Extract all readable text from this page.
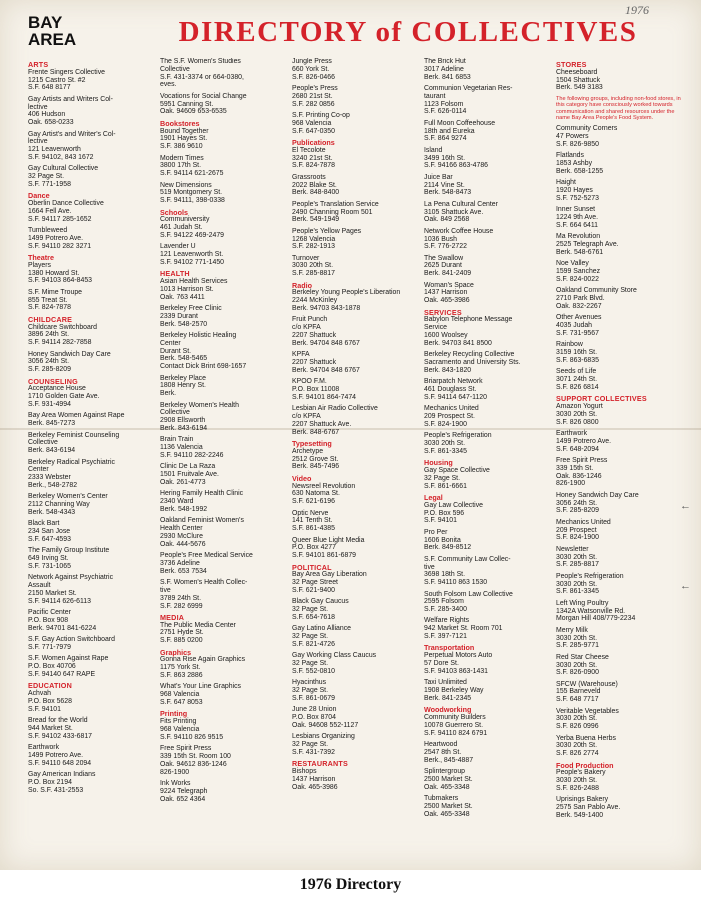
BAY
AREA	DIRECTORY of COLLECTIVES
1976
ARTS
Frente Singers Collective
1215 Castro St. #2
S.F. 648 8177
Gay Artists and Writers Col-
lective
406 Hudson
Oak. 658-0233
Gay Artist's and Writer's Col-
lective
121 Leavenworth
S.F. 94102, 843 1672
Gay Cultural Collective
32 Page St.
S.F. 771-1958
Dance
Oberlin Dance Collective
1664 Fell Ave.
S.F. 94117 285-1652
Tumbleweed
1499 Potrero Ave.
S.F. 94110 282 3271
Theatre
Players
1380 Howard St.
S.F. 94103 864-8453
S.F. Mime Troupe
855 Treat St.
S.F. 824-7878
CHILDCARE
Childcare Switchboard
3896 24th St.
S.F. 94114 282-7858
Honey Sandwich Day Care
3056 24th St.
S.F. 285-8209
COUNSELING
Acceptance House
1710 Golden Gate Ave.
S.F. 931-4994
Bay Area Women Against Rape
Berk. 845-7273
Berkeley Feminist Counseling
Collective
Berk. 843-6194
Berkeley Radical Psychiatric
Center
2333 Webster
Berk., 548-2782
Berkeley Women's Center
2112 Channing Way
Berk. 548-4343
Black Bart
234 San Jose
S.F. 647-4593
The Family Group Institute
649 Irving St.
S.F. 731-1065
Network Against Psychiatric
Assault
2150 Market St.
S.F. 94114 626-6113
Pacific Center
P.O. Box 908
Berk. 94701 841-6224
S.F. Gay Action Switchboard
S.F. 771-7979
S.F. Women Against Rape
P.O. Box 40706
S.F. 94140 647 RAPE
EDUCATION
Achvah
P.O. Box 5628
S.F. 94101
Bread for the World
944 Market St.
S.F. 94102 433-6817
Earthwork
1499 Potrero Ave.
S.F. 94110 648 2094
Gay American Indians
P.O. Box 2194
So. S.F. 431-2553
The S.F. Women's Studies
Collective
S.F. 431-3374 or 664-0380,
eves.
Vocations for Social Change
5951 Canning St.
Oak. 94609 653-6535
Bookstores
Bound Together
1901 Hayes St.
S.F. 386 9610
Modern Times
3800 17th St.
S.F. 94114 621-2675
New Dimensions
519 Montgomery St.
S.F. 94111, 398-0338
Schools
Communiversity
461 Judah St.
S.F. 94122 469-2479
Lavender U
121 Leavenworth St.
S.F. 94102 771-1450
HEALTH
Asian Health Services
1013 Harrison St.
Oak. 763 4411
Berkeley Free Clinic
2339 Durant
Berk. 548-2570
Berkeley Holistic Healing
Center
Durant St.
Berk. 548-5465
Contact Dick Brint 698-1657
Berkeley Place
1808 Henry St.
Berk.
Berkeley Women's Health
Collective
2908 Ellsworth
Berk. 843-6194
Brain Train
1136 Valencia
S.F. 94110 282-2246
Clinic De La Raza
1501 Fruitvale Ave.
Oak. 261-4773
Hering Family Health Clinic
2340 Ward
Berk. 548-1992
Oakland Feminist Women's
Health Center
2930 McClure
Oak. 444-5676
People's Free Medical Service
3736 Adeline
Berk. 653 7534
S.F. Women's Health Collec-
tive
3789 24th St.
S.F. 282 6999
MEDIA
The Public Media Center
2751 Hyde St.
S.F. 885 0200
Graphics
Gonna Rise Again Graphics
1175 York St.
S.F. 863 2886
What's Your Line Graphics
968 Valencia
S.F. 647 8053
Printing
Fits Printing
968 Valencia
S.F. 94110 826 9515
Free Spirit Press
339 15th St. Room 100
Oak. 94612 836-1246
826-1900
Ink Works
9224 Telegraph
Oak. 652 4364
Jungle Press
660 York St.
S.F. 826-0466
People's Press
2680 21st St.
S.F. 282 0856
S.F. Printing Co-op
968 Valencia
S.F. 647-0350
Publications
El Tecolote
3240 21st St.
S.F. 824-7878
Grassroots
2022 Blake St.
Berk. 848-8400
People's Translation Service
2490 Channing Room 501
Berk. 549-1949
People's Yellow Pages
1268 Valencia
S.F. 282-1913
Turnover
3030 20th St.
S.F. 285-8817
Radio
Berkeley Young People's Liberation
2244 McKinley
Berk. 94703 843-1878
Fruit Punch
c/o KPFA
2207 Shattuck
Berk. 94704 848 6767
KPFA
2207 Shattuck
Berk. 94704 848 6767
KPOO F.M.
P.O. Box 11008
S.F. 94101 864-7474
Lesbian Air Radio Collective
c/o KPFA
2207 Shattuck Ave.
Berk. 848-6767
Typesetting
Archetype
2512 Grove St.
Berk. 845-7496
Video
Newsreel Revolution
630 Natoma St.
S.F. 621-6196
Optic Nerve
141 Tenth St.
S.F. 861-4385
Queer Blue Light Media
P.O. Box 4277
S.F. 94101 861-6879
POLITICAL
Bay Area Gay Liberation
32 Page Street
S.F. 621-9400
Black Gay Caucus
32 Page St.
S.F. 654-7618
Gay Latino Alliance
32 Page St.
S.F. 821-4726
Gay Working Class Caucus
32 Page St.
S.F. 552-0810
Hyacinthus
32 Page St.
S.F. 861-0679
June 28 Union
P.O. Box 8704
Oak. 94608 552-1127
Lesbians Organizing
32 Page St.
S.F. 431-7392
RESTAURANTS
Bishops
1437 Harrison
Oak. 465-3986
The Brick Hut
3017 Adeline
Berk. 841 6853
Communion Vegetarian Res-
taurant
1123 Folsom
S.F. 626-0114
Full Moon Coffeehouse
18th and Eureka
S.F. 864 9274
Island
3499 16th St.
S.F. 94166 863-4786
Juice Bar
2114 Vine St.
Berk. 548-8473
La Pena Cultural Center
3105 Shattuck Ave.
Oak. 849 2568
Network Coffee House
1036 Bush
S.F. 776-2722
The Swallow
2625 Durant
Berk. 841-2409
Woman's Space
1437 Harrison
Oak. 465-3986
SERVICES
Babylon Telephone Message
Service
1600 Woolsey
Berk. 94703 841 8500
Berkeley Recycling Collective
Sacramento and University Sts.
Berk. 843-1820
Briarpatch Network
461 Douglass St.
S.F. 94114 647-1120
Mechanics United
209 Prospect St.
S.F. 824-1900
People's Refrigeration
3030 20th St.
S.F. 861-3345
Housing
Gay Space Collective
32 Page St.
S.F. 861-6661
Legal
Gay Law Collective
P.O. Box 596
S.F. 94101
Pro Per
1606 Bonita
Berk. 849-8512
S.F. Community Law Collec-
tive
3698 18th St.
S.F. 94110 863 1530
South Folsom Law Collective
2595 Folsom
S.F. 285-3400
Welfare Rights
942 Market St. Room 701
S.F. 397-7121
Transportation
Perpetual Motors Auto
57 Dore St.
S.F. 94103 863-1431
Taxi Unlimited
1908 Berkeley Way
Berk. 841-2345
Woodworking
Community Builders
10078 Guerrero St.
S.F. 94110 824 6791
Heartwood
2547 8th St.
Berk., 845-4887
Splintergroup
2500 Market St.
Oak. 465-3348
Tubmakers
2500 Market St.
Oak. 465-3348
STORES
Cheeseboard
1504 Shattuck
Berk. 549 3183
The following groups, including non-food stores, in this category have consciously worked towards communication and shared resources under the name Bay Area People's Food System.
Community Corners
47 Powers
S.F. 826-9850
Flatlands
1853 Ashby
Berk. 658-1255
Haight
1920 Hayes
S.F. 752-5273
Inner Sunset
1224 9th Ave.
S.F. 664 6411
Ma Revolution
2525 Telegraph Ave.
Berk. 548-6761
Noe Valley
1599 Sanchez
S.F. 824-0022
Oakland Community Store
2710 Park Blvd.
Oak. 832-2267
Other Avenues
4035 Judah
S.F. 731-9567
Rainbow
3159 16th St.
S.F. 863-6835
Seeds of Life
3071 24th St.
S.F. 826 6814
SUPPORT COLLECTIVES
Amazon Yogurt
3030 20th St.
S.F. 826 0800
Earthwork
1499 Potrero Ave.
S.F. 648-2094
Free Spirit Press
339 15th St.
Oak. 836-1246
826-1900
Honey Sandwich Day Care
3056 24th St.
S.F. 285-8209
Mechanics United
209 Prospect
S.F. 824-1900
Newsletter
3030 20th St.
S.F. 285-8817
People's Refrigeration
3030 20th St.
S.F. 861-3345
Left Wing Poultry
1342A Watsonville Rd.
Morgan Hill 408/779-2234
Merry Milk
3030 20th St.
S.F. 285-9771
Red Star Cheese
3030 20th St.
S.F. 826-0900
SFCW (Warehouse)
155 Barneveld
S.F. 648 7717
Veritable Vegetables
3030 20th St.
S.F. 826 0996
Yerba Buena Herbs
3030 20th St.
S.F. 826 2774
Food Production
People's Bakery
3030 20th St.
S.F. 826-2488
Uprisings Bakery
2575 San Pablo Ave.
Berk. 549-1400
←
←
1976 Directory
